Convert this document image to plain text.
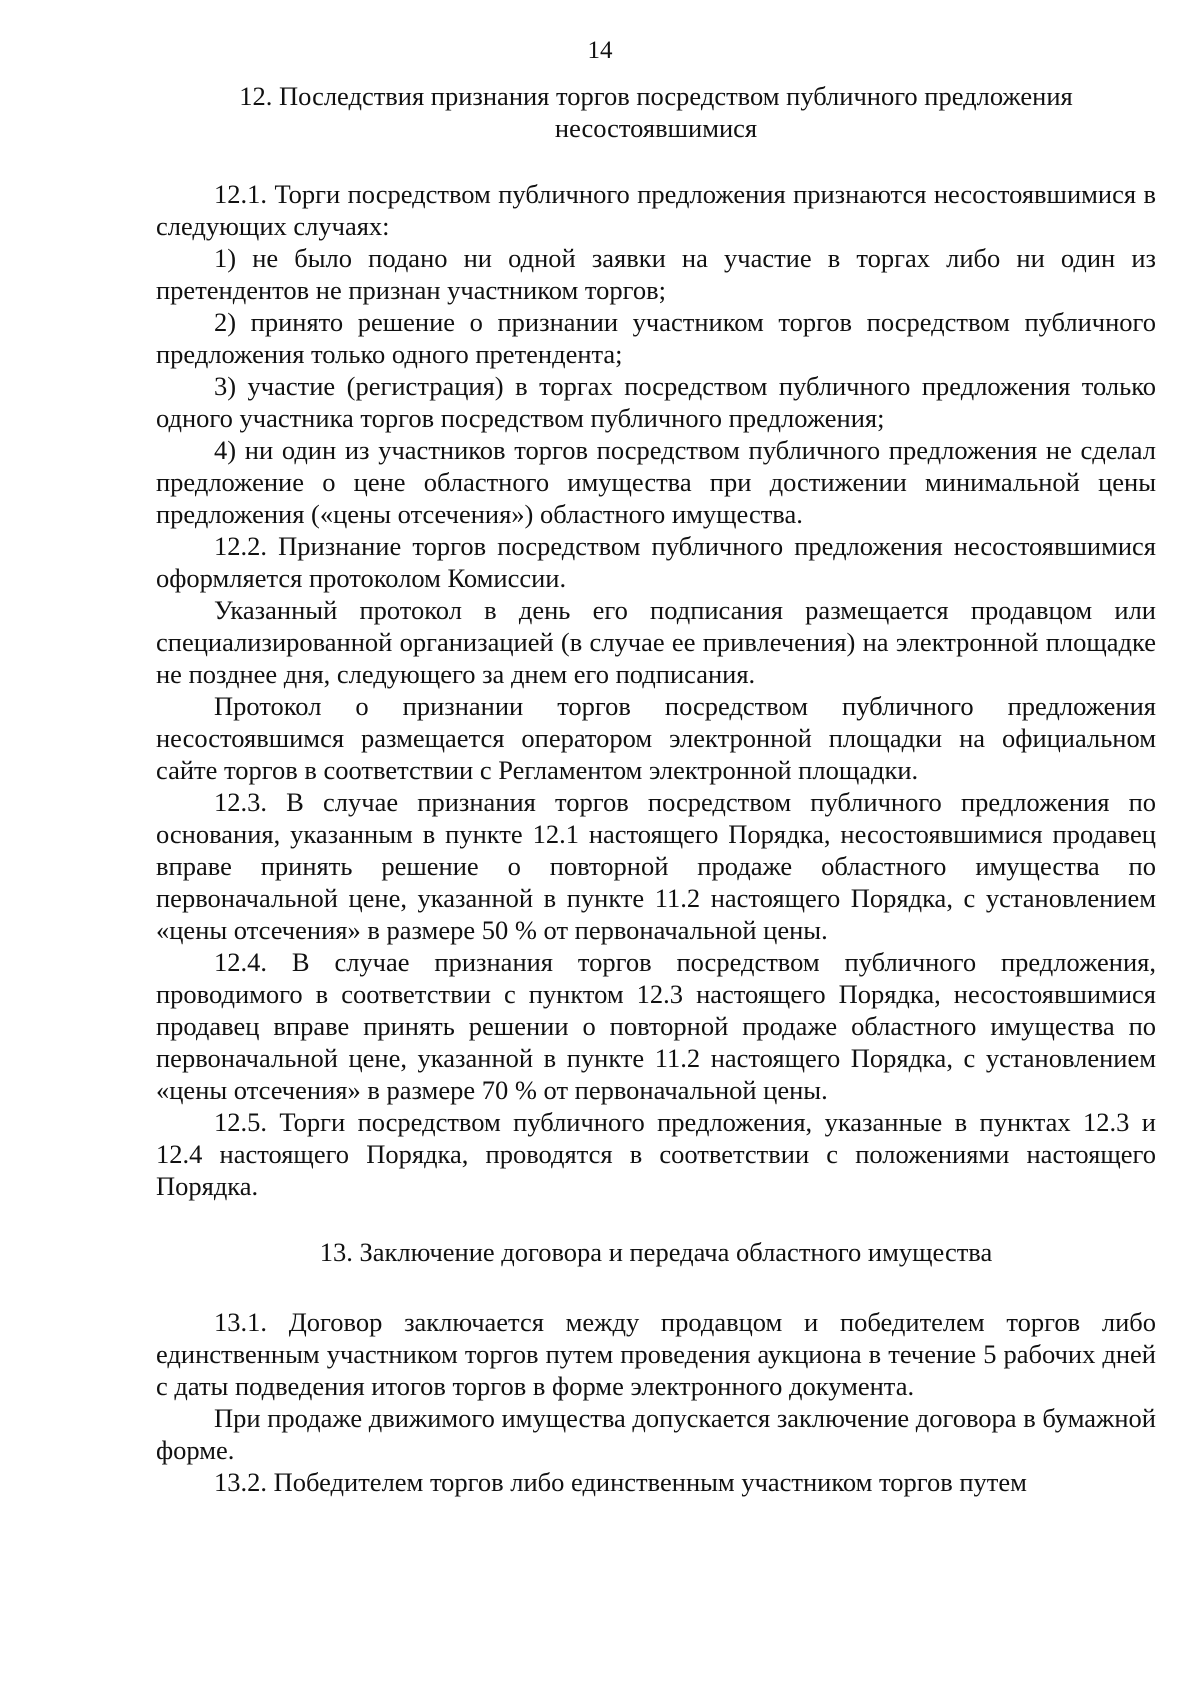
14
12. Последствия признания торгов посредством публичного предложения
несостоявшимися

12.1. Торги посредством публичного предложения признаются несостоявшимися в следующих случаях:

1) не было подано ни одной заявки на участие в торгах либо ни один из претендентов не признан участником торгов;

2) принято решение о признании участником торгов посредством публичного предложения только одного претендента;

3) участие (регистрация) в торгах посредством публичного предложения только одного участника торгов посредством публичного предложения;

4) ни один из участников торгов посредством публичного предложения не сделал предложение о цене областного имущества при достижении минимальной цены предложения («цены отсечения») областного имущества.

12.2. Признание торгов посредством публичного предложения несостоявшимися оформляется протоколом Комиссии.

Указанный протокол в день его подписания размещается продавцом или специализированной организацией (в случае ее привлечения) на электронной площадке не позднее дня, следующего за днем его подписания.

Протокол о признании торгов посредством публичного предложения несостоявшимся размещается оператором электронной площадки на официальном сайте торгов в соответствии с Регламентом электронной площадки.

12.3. В случае признания торгов посредством публичного предложения по основания, указанным в пункте 12.1 настоящего Порядка, несостоявшимися продавец вправе принять решение о повторной продаже областного имущества по первоначальной цене, указанной в пункте 11.2 настоящего Порядка, с установлением «цены отсечения» в размере 50 % от первоначальной цены.

12.4. В случае признания торгов посредством публичного предложения, проводимого в соответствии с пунктом 12.3 настоящего Порядка, несостоявшимися продавец вправе принять решении о повторной продаже областного имущества по первоначальной цене, указанной в пункте 11.2 настоящего Порядка, с установлением «цены отсечения» в размере 70 % от первоначальной цены.

12.5. Торги посредством публичного предложения, указанные в пунктах 12.3 и 12.4 настоящего Порядка, проводятся в соответствии с положениями настоящего Порядка.

13. Заключение договора и передача областного имущества

13.1. Договор заключается между продавцом и победителем торгов либо единственным участником торгов путем проведения аукциона в течение 5 рабочих дней с даты подведения итогов торгов в форме электронного документа.

При продаже движимого имущества допускается заключение договора в бумажной форме.

13.2. Победителем торгов либо единственным участником торгов путем
